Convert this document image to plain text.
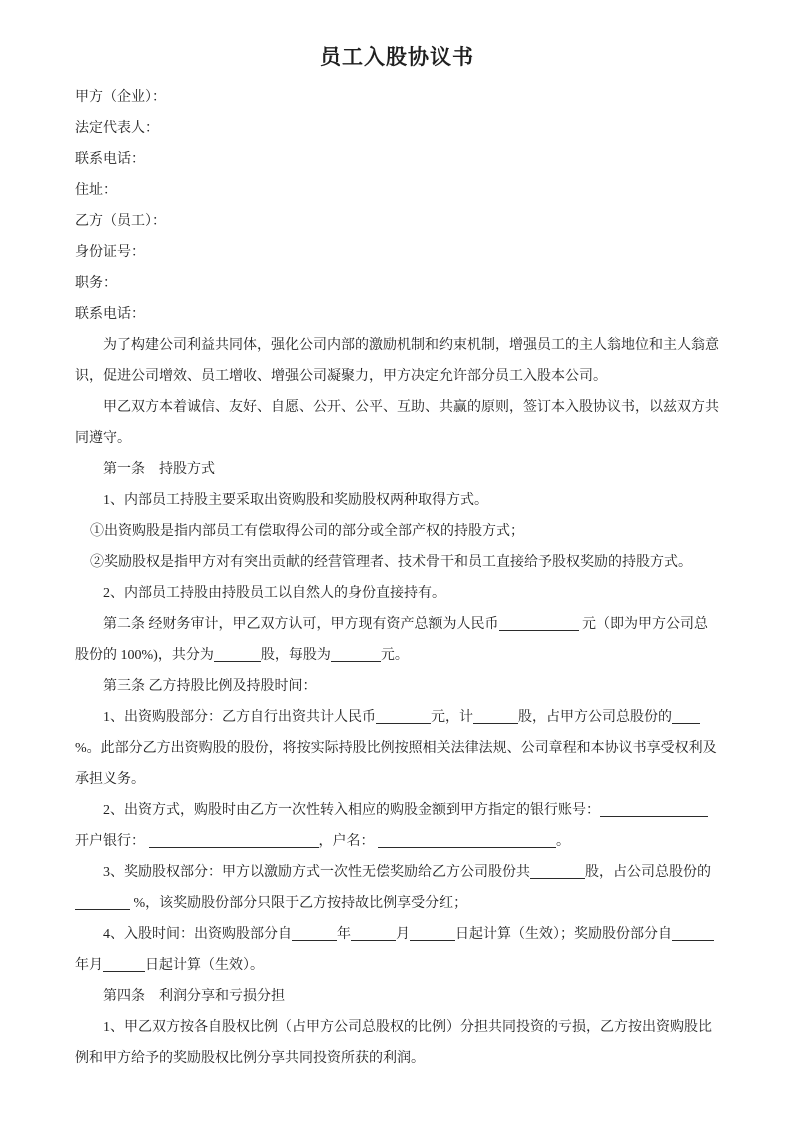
员工入股协议书

甲方（企业）：

法定代表人：

联系电话：

住址：

乙方（员工）：

身份证号：

职务：

联系电话：

为了构建公司利益共同体，强化公司内部的激励机制和约束机制，增强员工的主人翁地位和主人翁意识，促进公司增效、员工增收、增强公司凝聚力，甲方决定允许部分员工入股本公司。

甲乙双方本着诚信、友好、自愿、公开、公平、互助、共赢的原则，签订本入股协议书，以兹双方共同遵守。

第一条　持股方式

1、内部员工持股主要采取出资购股和奖励股权两种取得方式。

①出资购股是指内部员工有偿取得公司的部分或全部产权的持股方式；

②奖励股权是指甲方对有突出贡献的经营管理者、技术骨干和员工直接给予股权奖励的持股方式。

2、内部员工持股由持股员工以自然人的身份直接持有。

第二条 经财务审计，甲乙双方认可，甲方现有资产总额为人民币	元（即为甲方公司总股份的 100%)，共分为	股，每股为	元。

第三条 乙方持股比例及持股时间：

1、出资购股部分：乙方自行出资共计人民币	元，计	股，占甲方公司总股份的%。此部分乙方出资购股的股份，将按实际持股比例按照相关法律法规、公司章程和本协议书享受权利及承担义务。

2、出资方式，购股时由乙方一次性转入相应的购股金额到甲方指定的银行账号：

开户银行：	，户名：	。

3、奖励股权部分：甲方以激励方式一次性无偿奖励给乙方公司股份共	股，占公司总股份的 %，该奖励股份部分只限于乙方按持故比例享受分红；

4、入股时间：出资购股部分自	年	月	日起计算（生效）；奖励股份部分自年月	日起计算（生效）。

第四条　利润分享和亏损分担

1、甲乙双方按各自股权比例（占甲方公司总股权的比例）分担共同投资的亏损，乙方按出资购股比例和甲方给予的奖励股权比例分享共同投资所获的利润。
